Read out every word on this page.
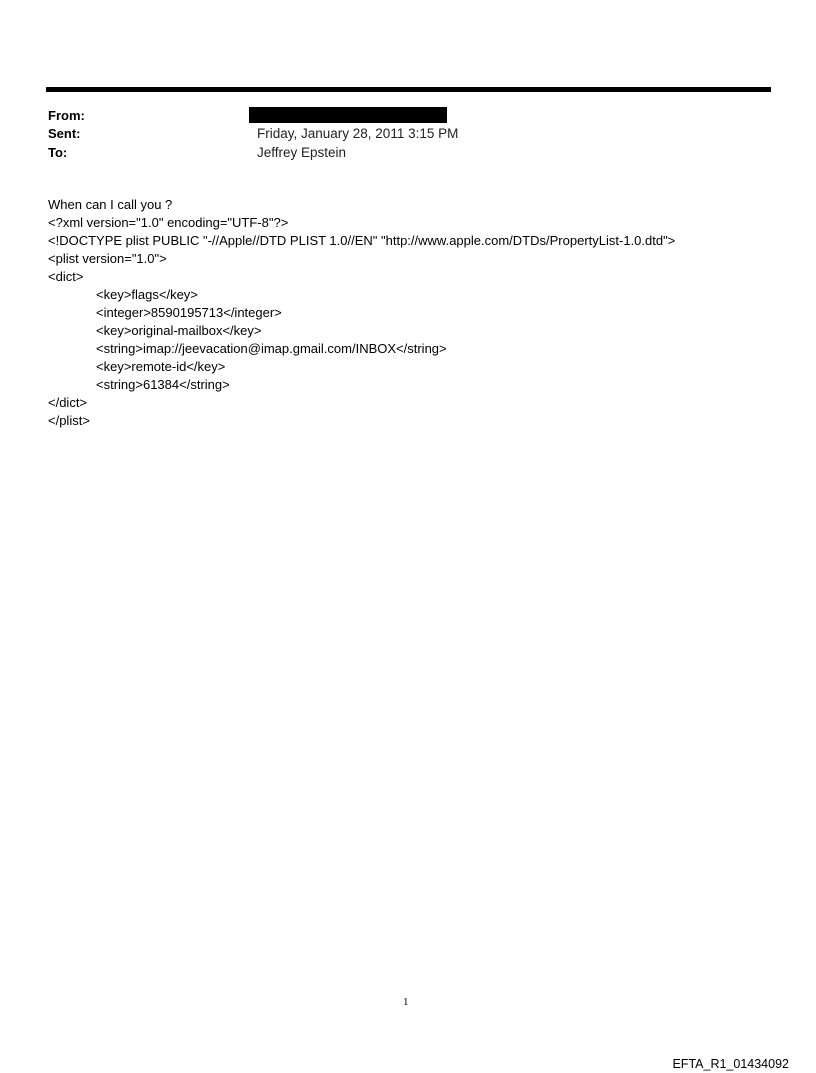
From:
Sent:	Friday, January 28, 2011 3:15 PM
To:	Jeffrey Epstein
When can I call you ?
<?xml version="1.0" encoding="UTF-8"?>
<!DOCTYPE plist PUBLIC "-//Apple//DTD PLIST 1.0//EN" "http://www.apple.com/DTDs/PropertyList-1.0.dtd">
<plist version="1.0">
<dict>
<key>flags</key>
<integer>8590195713</integer>
<key>original-mailbox</key>
<string>imap://jeevacation@imap.gmail.com/INBOX</string>
<key>remote-id</key>
<string>61384</string>
</dict>
</plist>
1
EFTA_R1_01434092
